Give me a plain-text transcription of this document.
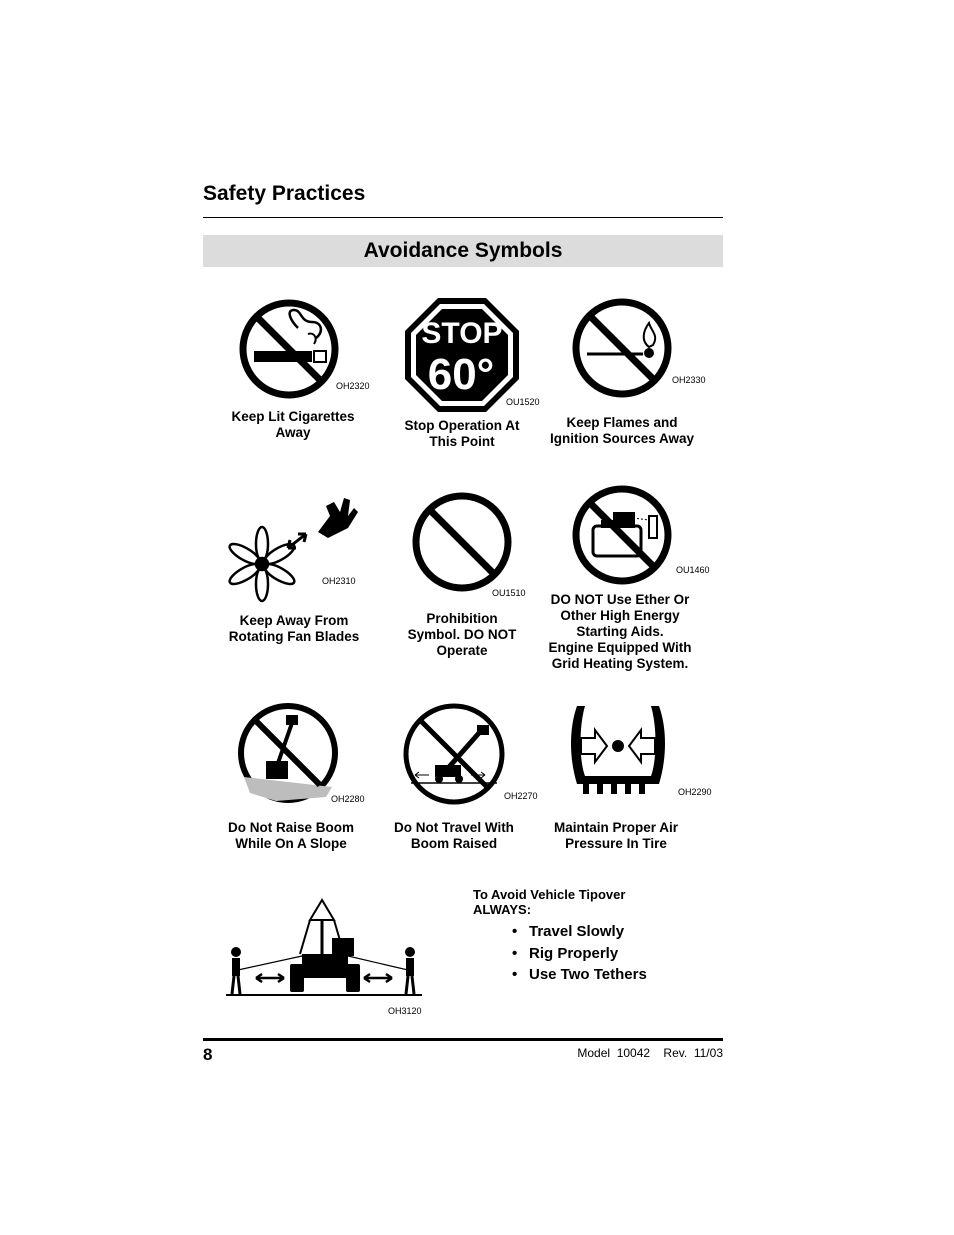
Safety Practices
Avoidance Symbols
OH2320
Keep Lit Cigarettes
Away
STOP
60°
OU1520
Stop Operation At
This Point
OH2330
Keep Flames and
Ignition Sources Away
OH2310
Keep Away From
Rotating Fan Blades
OU1510
Prohibition
Symbol. DO NOT
Operate
OU1460
DO NOT Use Ether Or
Other High Energy
Starting Aids.
Engine Equipped With
Grid Heating System.
OH2280
Do Not Raise Boom
While On A Slope
OH2270
Do Not Travel With
Boom Raised
OH2290
Maintain Proper Air
Pressure In Tire
OH3120
To Avoid Vehicle Tipover
ALWAYS:
• Travel Slowly
• Rig Properly
• Use Two Tethers
8	Model  10042    Rev.  11/03
